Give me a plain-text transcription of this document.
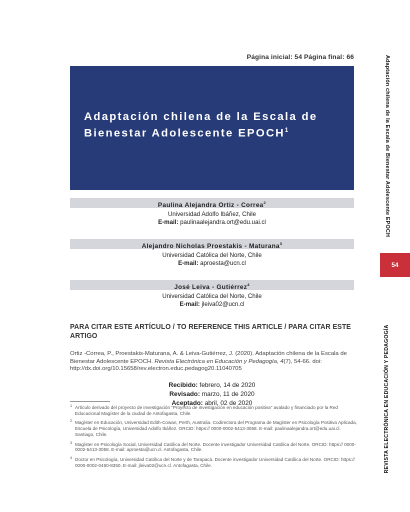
Página inicial: 54 Página final: 66
Adaptación chilena de la Escala de Bienestar Adolescente EPOCH$^1$	Adaptación chilena de la Escala de Bienestar Adolescente EPOCH
54
REVISTA ELECTRÓNICA EN EDUCACIÓN Y PEDAGOGÍA
Paulina Alejandra Ortiz - Correa$^2$
Universidad Adolfo Ibáñez, Chile
E-mail: paulinaalejandra.ort@edu.uai.cl
Alejandro Nicholas Proestakis - Maturana$^3$
Universidad Católica del Norte, Chile
E-mail: aproesta@ucn.cl
José Leiva - Gutiérrez$^4$
Universidad Católica del Norte, Chile
E-mail: jleiva02@ucn.cl
PARA CITAR ESTE ARTÍCULO / TO REFERENCE THIS ARTICLE / PARA CITAR ESTE ARTIGO
Ortiz -Correa, P., Proestakis-Maturana, A. & Leiva-Gutiérrez, J. (2020). Adaptación chilena de la Escala de Bienestar Adolescente EPOCH. Revista Electrónica en Educación y Pedagogía, 4(7), 54-66. doi: http://dx.doi.org/10.15658/rev.electron.educ.pedagog20.11040705
Recibido: febrero, 14 de 2020
Revisado: marzo, 11 de 2020
Aceptado: abril, 02 de 2020

1 Artículo derivado del proyecto de investigación "Proyecto de investigación en educación positiva" avalado y financiado por la Red Educacional Magíster de la ciudad de Antofagasta, Chile.

2 Magíster en Educación, Universidad Edith-Cowan, Perth, Australia. Codirectora del Programa de Magíster en Psicología Positiva Aplicada, Escuela de Psicología, Universidad Adolfo Ibáñez. ORCID: https:// 0000-0002-5413-3058. E-mail: paulinaalejandra.ort@edu.uai.cl. Santiago, Chile.

3 Magíster en Psicología Social, Universidad Católica del Norte. Docente investigador Universidad Católica del Norte. ORCID: https:// 0000-0002-5413-3058. E-mail: aproesta@ucn.cl. Antofagasta, Chile.

4 Doctor en Psicología, Universidad Católica del Norte y de Tarapacá. Docente investigador Universidad Católica del Norte. ORCID: https:// 0000-0002-0460-8350. E-mail: jleiva02@ucn.cl. Antofagasta, Chile.
